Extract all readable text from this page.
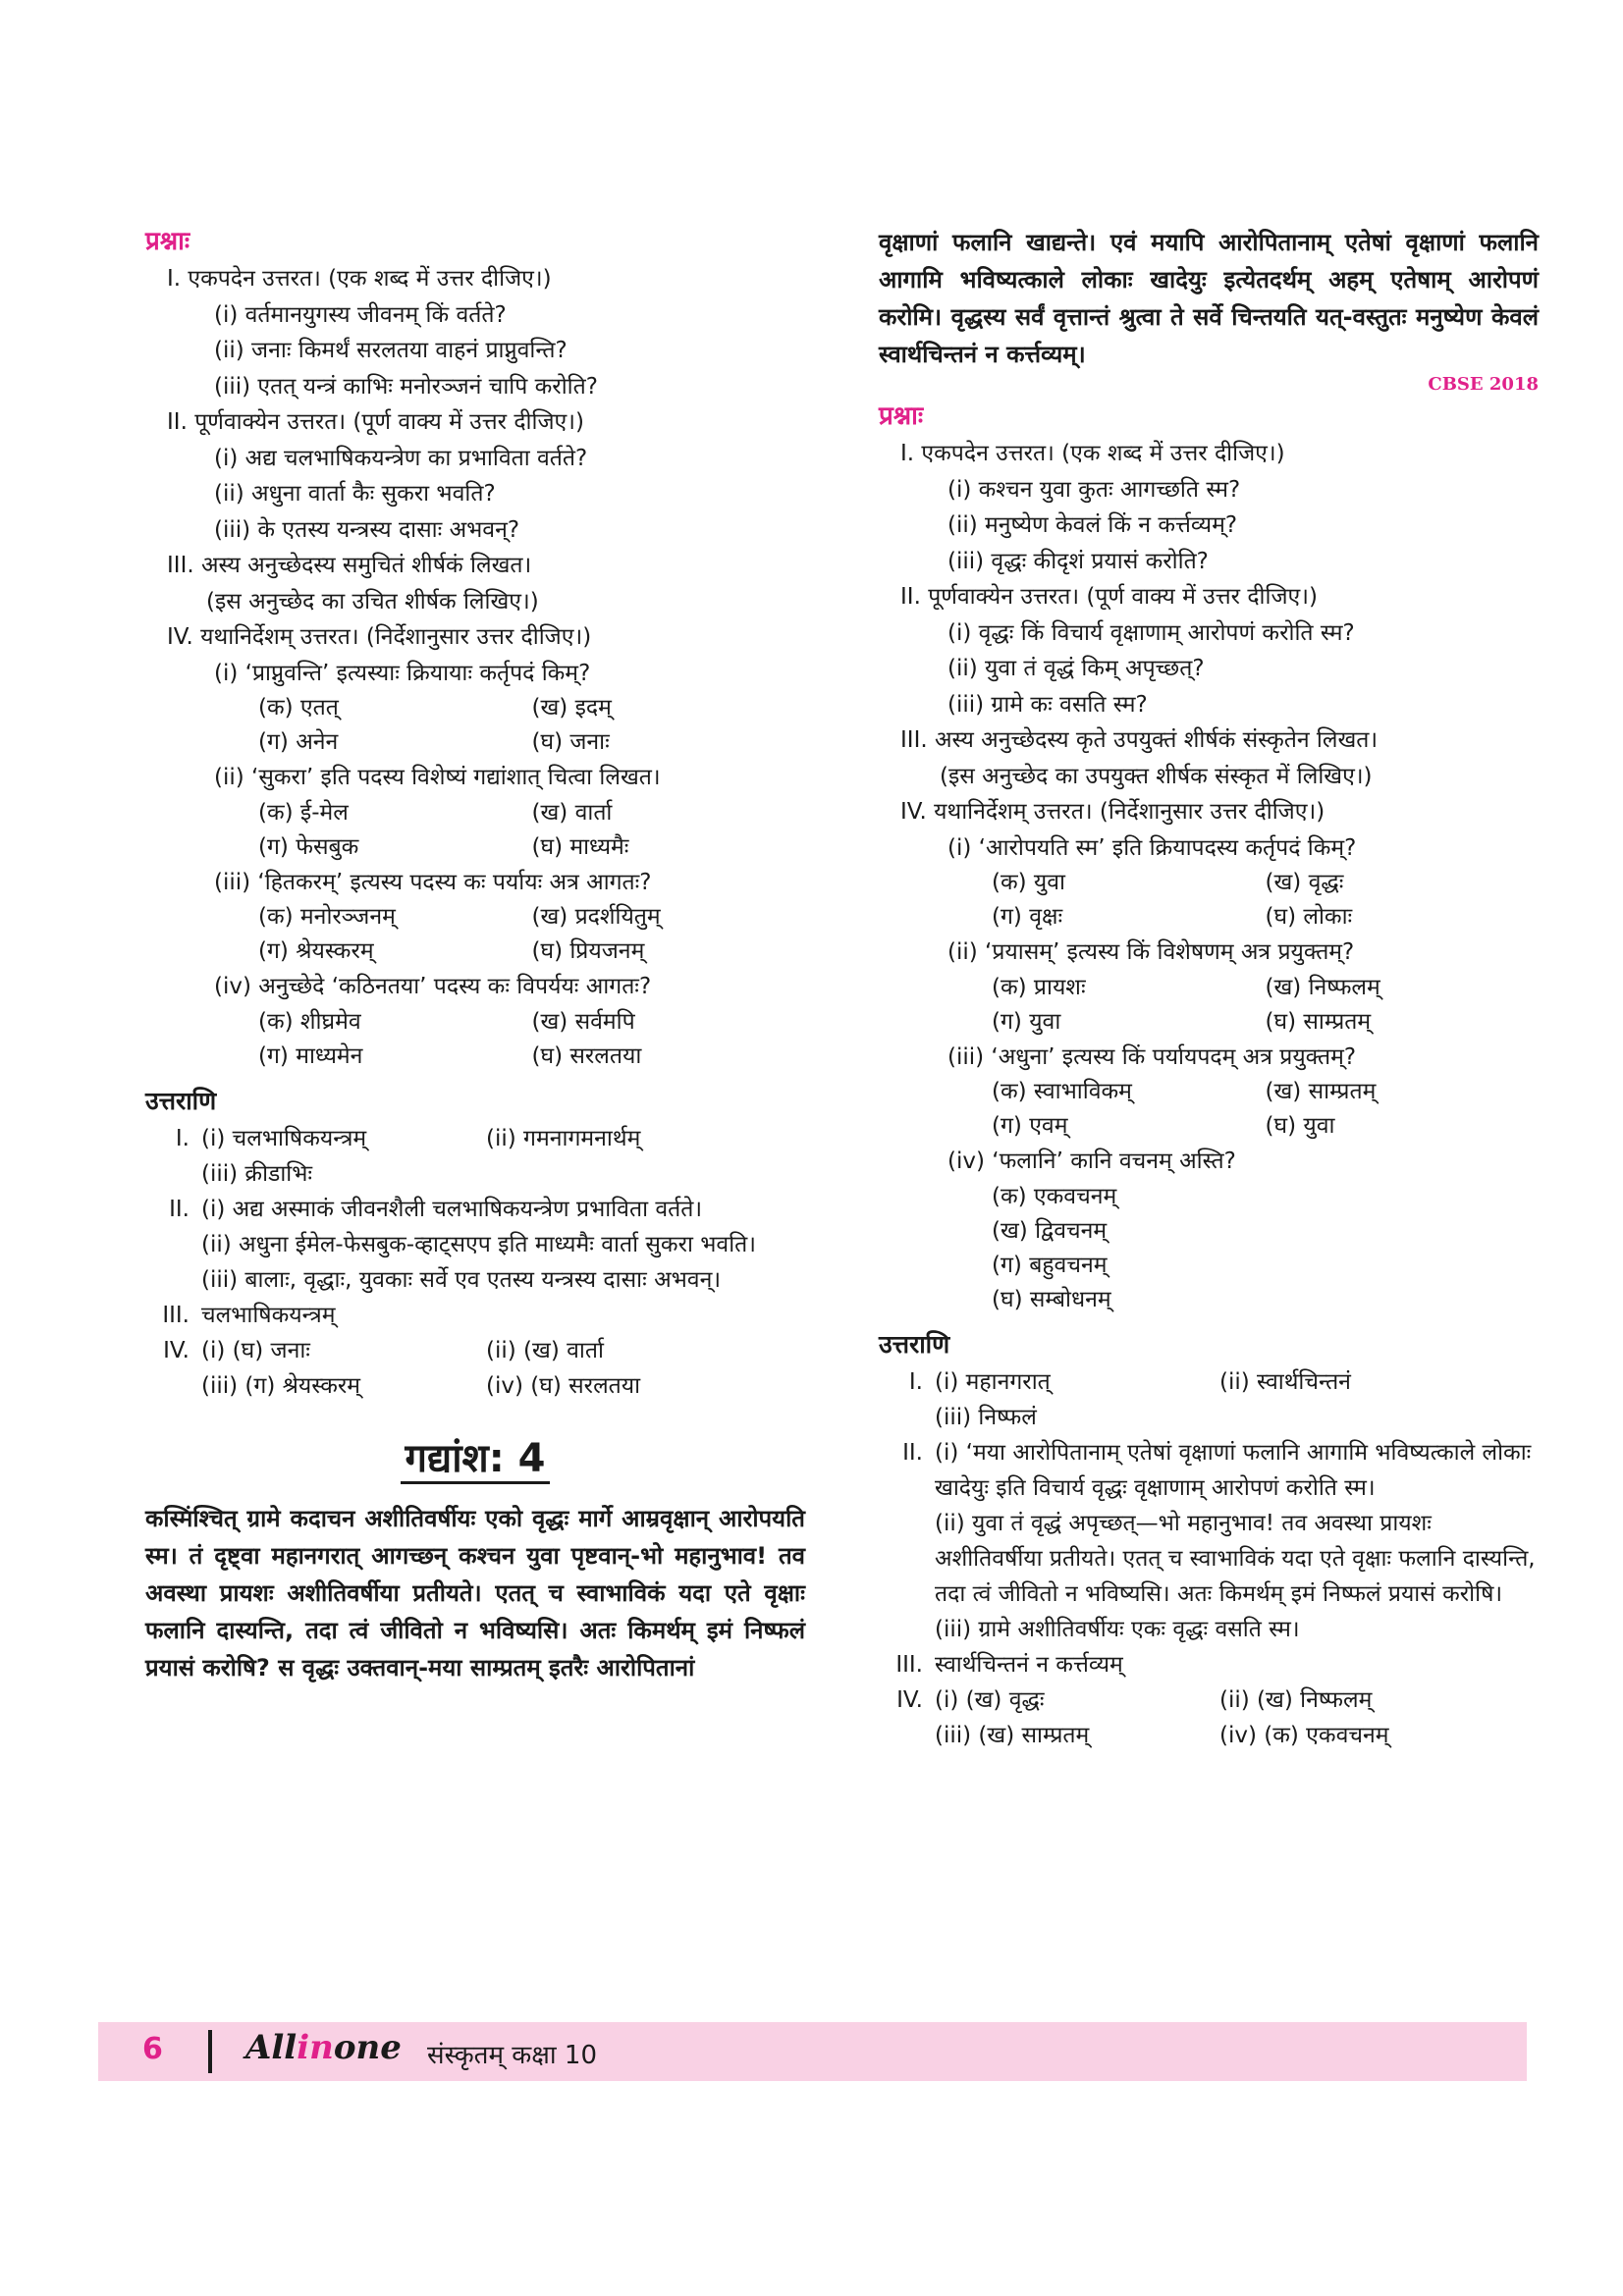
प्रश्नाः
I. एकपदेन उत्तरत। (एक शब्द में उत्तर दीजिए।)
(i) वर्तमानयुगस्य जीवनम् किं वर्तते?
(ii) जनाः किमर्थं सरलतया वाहनं प्राप्नुवन्ति?
(iii) एतत् यन्त्रं काभिः मनोरञ्जनं चापि करोति?
II. पूर्णवाक्येन उत्तरत। (पूर्ण वाक्य में उत्तर दीजिए।)
(i) अद्य चलभाषिकयन्त्रेण का प्रभाविता वर्तते?
(ii) अधुना वार्ता कैः सुकरा भवति?
(iii) के एतस्य यन्त्रस्य दासाः अभवन्?
III. अस्य अनुच्छेदस्य समुचितं शीर्षकं लिखत।
(इस अनुच्छेद का उचित शीर्षक लिखिए।)
IV. यथानिर्देशम् उत्तरत। (निर्देशानुसार उत्तर दीजिए।)
(i) ‘प्राप्नुवन्ति’ इत्यस्याः क्रियायाः कर्तृपदं किम्?
(क) एतत्	(ख) इदम्
(ग) अनेन	(घ) जनाः
(ii) ‘सुकरा’ इति पदस्य विशेष्यं गद्यांशात् चित्वा लिखत।
(क) ई-मेल	(ख) वार्ता
(ग) फेसबुक	(घ) माध्यमैः
(iii) ‘हितकरम्’ इत्यस्य पदस्य कः पर्यायः अत्र आगतः?
(क) मनोरञ्जनम्	(ख) प्रदर्शयितुम्
(ग) श्रेयस्करम्	(घ) प्रियजनम्
(iv) अनुच्छेदे ‘कठिनतया’ पदस्य कः विपर्ययः आगतः?
(क) शीघ्रमेव	(ख) सर्वमपि
(ग) माध्यमेन	(घ) सरलतया
उत्तराणि
I. (i) चलभाषिकयन्त्रम्	(ii) गमनागमनार्थम्
(iii) क्रीडाभिः
II. (i) अद्य अस्माकं जीवनशैली चलभाषिकयन्त्रेण प्रभाविता वर्तते।
(ii) अधुना ईमेल-फेसबुक-व्हाट्सएप इति माध्यमैः वार्ता सुकरा भवति।
(iii) बालाः, वृद्धाः, युवकाः सर्वे एव एतस्य यन्त्रस्य दासाः अभवन्।
III. चलभाषिकयन्त्रम्
IV. (i) (घ) जनाः	(ii) (ख) वार्ता
(iii) (ग) श्रेयस्करम्	(iv) (घ) सरलतया
गद्यांश: 4

कस्मिंश्चित् ग्रामे कदाचन अशीतिवर्षीयः एको वृद्धः मार्गे आम्रवृक्षान् आरोपयति स्म। तं दृष्ट्वा महानगरात् आगच्छन् कश्चन युवा पृष्टवान्-भो महानुभाव! तव अवस्था प्रायशः अशीतिवर्षीया प्रतीयते। एतत् च स्वाभाविकं यदा एते वृक्षाः फलानि दास्यन्ति, तदा त्वं जीवितो न भविष्यसि। अतः किमर्थम् इमं निष्फलं प्रयासं करोषि? स वृद्धः उक्तवान्-मया साम्प्रतम् इतरैः आरोपितानां

वृक्षाणां फलानि खाद्यन्ते। एवं मयापि आरोपितानाम् एतेषां वृक्षाणां फलानि आगामि भविष्यत्काले लोकाः खादेयुः इत्येतदर्थम् अहम् एतेषाम् आरोपणं करोमि। वृद्धस्य सर्वं वृत्तान्तं श्रुत्वा ते सर्वे चिन्तयति यत्-वस्तुतः मनुष्येण केवलं स्वार्थचिन्तनं न कर्त्तव्यम्।

CBSE 2018
प्रश्नाः
I. एकपदेन उत्तरत। (एक शब्द में उत्तर दीजिए।)
(i) कश्चन युवा कुतः आगच्छति स्म?
(ii) मनुष्येण केवलं किं न कर्त्तव्यम्?
(iii) वृद्धः कीदृशं प्रयासं करोति?
II. पूर्णवाक्येन उत्तरत। (पूर्ण वाक्य में उत्तर दीजिए।)
(i) वृद्धः किं विचार्य वृक्षाणाम् आरोपणं करोति स्म?
(ii) युवा तं वृद्धं किम् अपृच्छत्?
(iii) ग्रामे कः वसति स्म?
III. अस्य अनुच्छेदस्य कृते उपयुक्तं शीर्षकं संस्कृतेन लिखत।
(इस अनुच्छेद का उपयुक्त शीर्षक संस्कृत में लिखिए।)
IV. यथानिर्देशम् उत्तरत। (निर्देशानुसार उत्तर दीजिए।)
(i) ‘आरोपयति स्म’ इति क्रियापदस्य कर्तृपदं किम्?
(क) युवा	(ख) वृद्धः
(ग) वृक्षः	(घ) लोकाः
(ii) ‘प्रयासम्’ इत्यस्य किं विशेषणम् अत्र प्रयुक्तम्?
(क) प्रायशः	(ख) निष्फलम्
(ग) युवा	(घ) साम्प्रतम्
(iii) ‘अधुना’ इत्यस्य किं पर्यायपदम् अत्र प्रयुक्तम्?
(क) स्वाभाविकम्	(ख) साम्प्रतम्
(ग) एवम्	(घ) युवा
(iv) ‘फलानि’ कानि वचनम् अस्ति?
(क) एकवचनम्
(ख) द्विवचनम्
(ग) बहुवचनम्
(घ) सम्बोधनम्
उत्तराणि
I. (i) महानगरात्	(ii) स्वार्थचिन्तनं
(iii) निष्फलं
II. (i) ‘मया आरोपितानाम् एतेषां वृक्षाणां फलानि आगामि भविष्यत्काले लोकाः खादेयुः इति विचार्य वृद्धः वृक्षाणाम् आरोपणं करोति स्म।
(ii) युवा तं वृद्धं अपृच्छत्—भो महानुभाव! तव अवस्था प्रायशः अशीतिवर्षीया प्रतीयते। एतत् च स्वाभाविकं यदा एते वृक्षाः फलानि दास्यन्ति, तदा त्वं जीवितो न भविष्यसि। अतः किमर्थम् इमं निष्फलं प्रयासं करोषि।
(iii) ग्रामे अशीतिवर्षीयः एकः वृद्धः वसति स्म।
III. स्वार्थचिन्तनं न कर्त्तव्यम्
IV. (i) (ख) वृद्धः	(ii) (ख) निष्फलम्
(iii) (ख) साम्प्रतम्	(iv) (क) एकवचनम्
6 Allinone संस्कृतम् कक्षा 10
